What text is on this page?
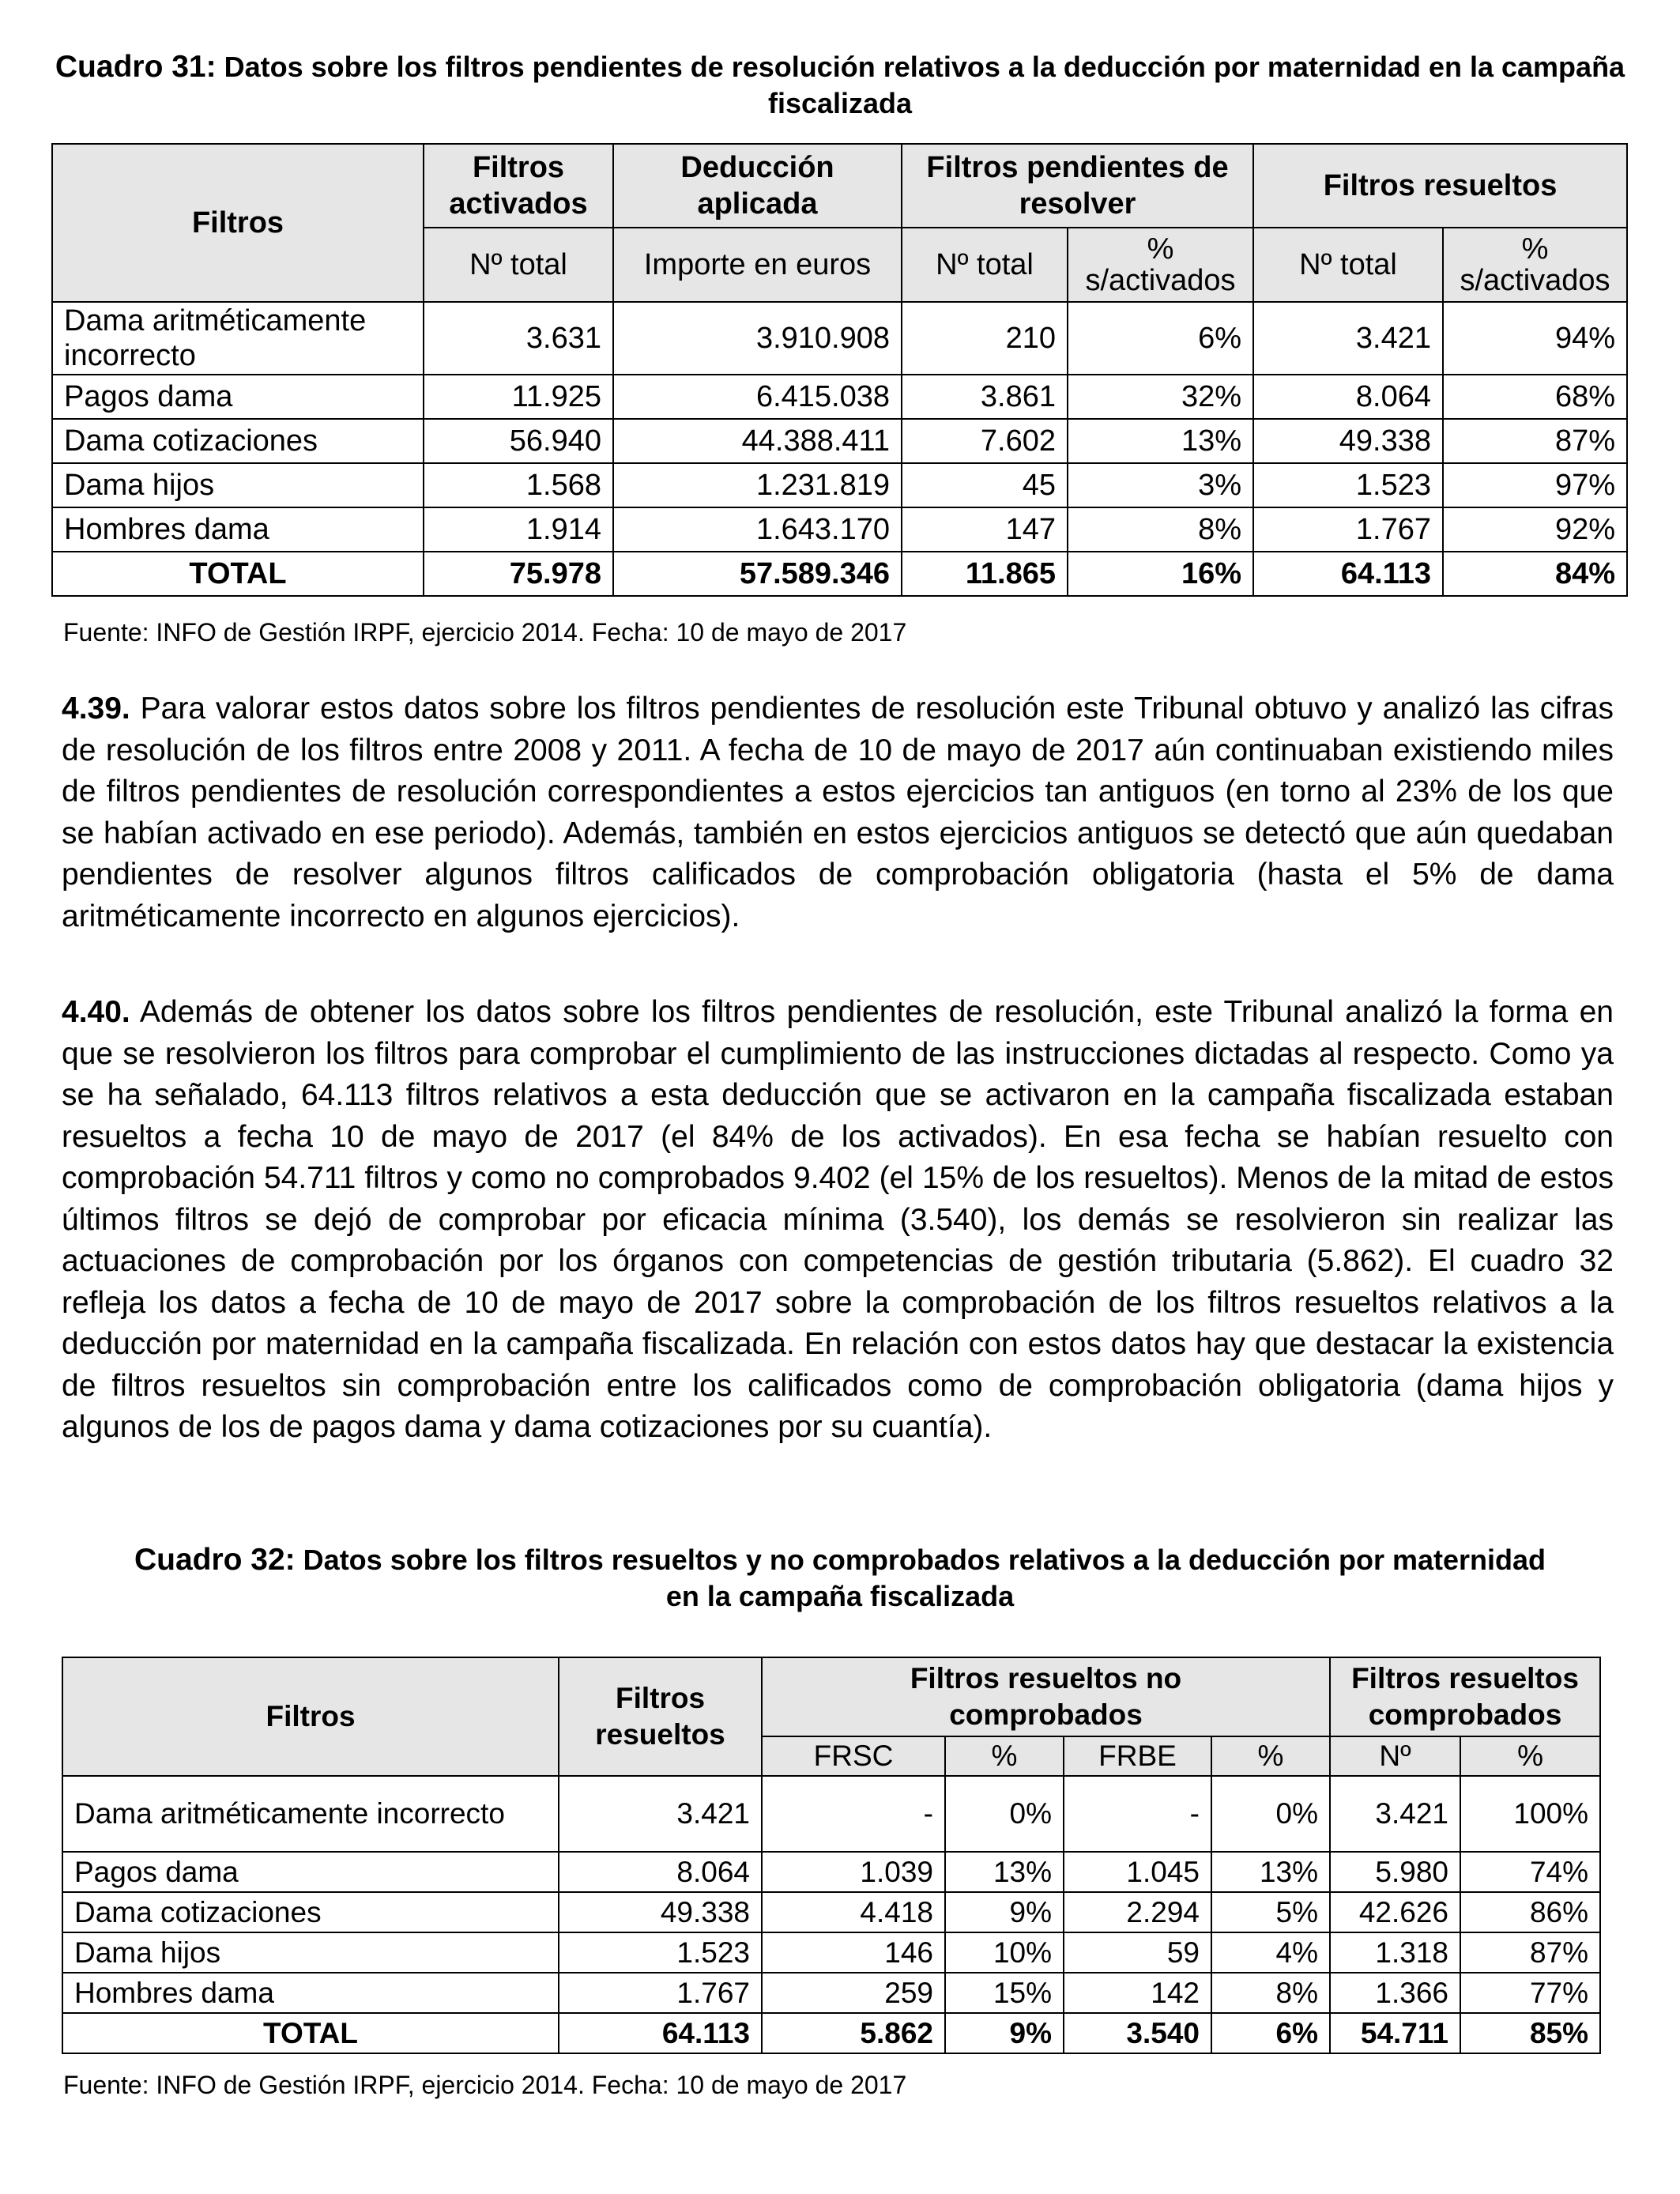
Cuadro 31: Datos sobre los filtros pendientes de resolución relativos a la deducción por maternidad en la campaña fiscalizada
Filtros	Filtros activados	Deducción aplicada	Filtros pendientes de resolver		Filtros resueltos	
	Nº total	Importe en euros	Nº total	% s/activados	Nº total	% s/activados
Dama aritméticamente incorrecto	3.631	3.910.908	210	6%	3.421	94%
Pagos dama	11.925	6.415.038	3.861	32%	8.064	68%
Dama cotizaciones	56.940	44.388.411	7.602	13%	49.338	87%
Dama hijos	1.568	1.231.819	45	3%	1.523	97%
Hombres dama	1.914	1.643.170	147	8%	1.767	92%
TOTAL	75.978	57.589.346	11.865	16%	64.113	84%
Fuente: INFO de Gestión IRPF, ejercicio 2014. Fecha: 10 de mayo de 2017

4.39. Para valorar estos datos sobre los filtros pendientes de resolución este Tribunal obtuvo y analizó las cifras de resolución de los filtros entre 2008 y 2011. A fecha de 10 de mayo de 2017 aún continuaban existiendo miles de filtros pendientes de resolución correspondientes a estos ejercicios tan antiguos (en torno al 23% de los que se habían activado en ese periodo). Además, también en estos ejercicios antiguos se detectó que aún quedaban pendientes de resolver algunos filtros calificados de comprobación obligatoria (hasta el 5% de dama aritméticamente incorrecto en algunos ejercicios).

4.40. Además de obtener los datos sobre los filtros pendientes de resolución, este Tribunal analizó la forma en que se resolvieron los filtros para comprobar el cumplimiento de las instrucciones dictadas al respecto. Como ya se ha señalado, 64.113 filtros relativos a esta deducción que se activaron en la campaña fiscalizada estaban resueltos a fecha 10 de mayo de 2017 (el 84% de los activados). En esa fecha se habían resuelto con comprobación 54.711 filtros y como no comprobados 9.402 (el 15% de los resueltos). Menos de la mitad de estos últimos filtros se dejó de comprobar por eficacia mínima (3.540), los demás se resolvieron sin realizar las actuaciones de comprobación por los órganos con competencias de gestión tributaria (5.862). El cuadro 32 refleja los datos a fecha de 10 de mayo de 2017 sobre la comprobación de los filtros resueltos relativos a la deducción por maternidad en la campaña fiscalizada. En relación con estos datos hay que destacar la existencia de filtros resueltos sin comprobación entre los calificados como de comprobación obligatoria (dama hijos y algunos de los de pagos dama y dama cotizaciones por su cuantía).

Cuadro 32: Datos sobre los filtros resueltos y no comprobados relativos a la deducción por maternidad en la campaña fiscalizada
Filtros	Filtros resueltos	Filtros resueltos no comprobados				Filtros resueltos comprobados	
		FRSC	%	FRBE	%	Nº	%
Dama aritméticamente incorrecto	3.421	-	0%	-	0%	3.421	100%
Pagos dama	8.064	1.039	13%	1.045	13%	5.980	74%
Dama cotizaciones	49.338	4.418	9%	2.294	5%	42.626	86%
Dama hijos	1.523	146	10%	59	4%	1.318	87%
Hombres dama	1.767	259	15%	142	8%	1.366	77%
TOTAL	64.113	5.862	9%	3.540	6%	54.711	85%
Fuente: INFO de Gestión IRPF, ejercicio 2014. Fecha: 10 de mayo de 2017
